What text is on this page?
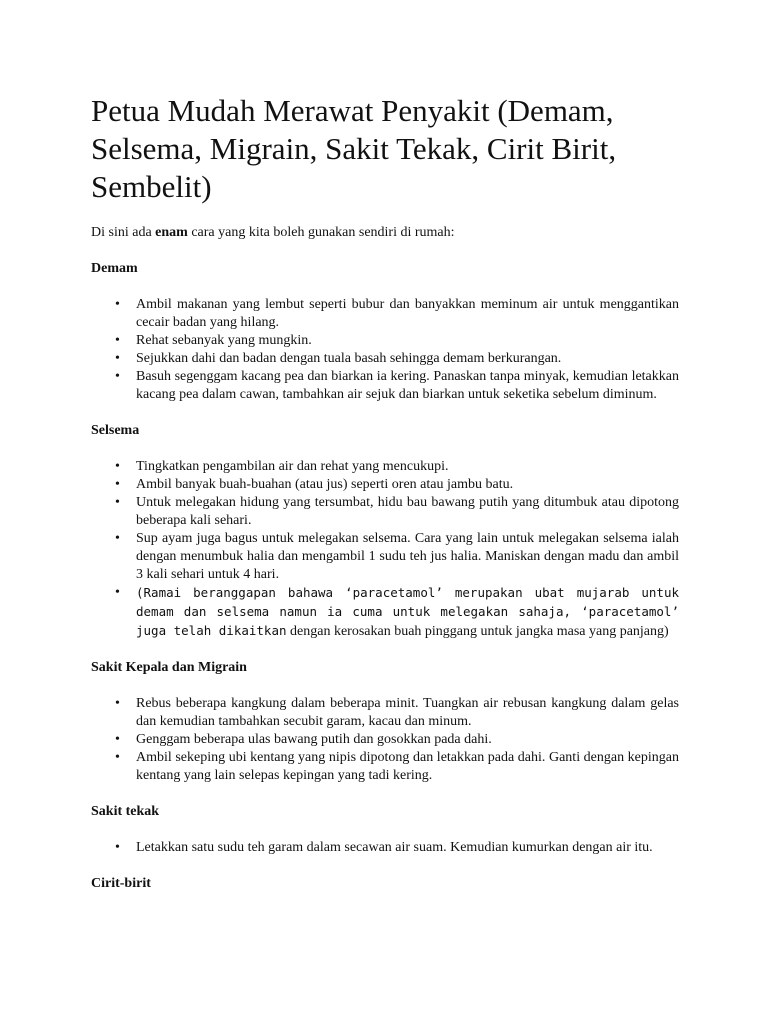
Petua Mudah Merawat Penyakit (Demam, Selsema, Migrain, Sakit Tekak, Cirit Birit, Sembelit)

Di sini ada enam cara yang kita boleh gunakan sendiri di rumah:

Demam
• Ambil makanan yang lembut seperti bubur dan banyakkan meminum air untuk menggantikan cecair badan yang hilang.
• Rehat sebanyak yang mungkin.
• Sejukkan dahi dan badan dengan tuala basah sehingga demam berkurangan.
• Basuh segenggam kacang pea dan biarkan ia kering. Panaskan tanpa minyak, kemudian letakkan kacang pea dalam cawan, tambahkan air sejuk dan biarkan untuk seketika sebelum diminum.
Selsema
• Tingkatkan pengambilan air dan rehat yang mencukupi.
• Ambil banyak buah-buahan (atau jus) seperti oren atau jambu batu.
• Untuk melegakan hidung yang tersumbat, hidu bau bawang putih yang ditumbuk atau dipotong beberapa kali sehari.
• Sup ayam juga bagus untuk melegakan selsema. Cara yang lain untuk melegakan selsema ialah dengan menumbuk halia dan mengambil 1 sudu teh jus halia. Maniskan dengan madu dan ambil 3 kali sehari untuk 4 hari.
• (Ramai beranggapan bahawa ‘paracetamol’ merupakan ubat mujarab untuk demam dan selsema namun ia cuma untuk melegakan sahaja, ‘paracetamol’ juga telah dikaitkan dengan kerosakan buah pinggang untuk jangka masa yang panjang)
Sakit Kepala dan Migrain
• Rebus beberapa kangkung dalam beberapa minit. Tuangkan air rebusan kangkung dalam gelas dan kemudian tambahkan secubit garam, kacau dan minum.
• Genggam beberapa ulas bawang putih dan gosokkan pada dahi.
• Ambil sekeping ubi kentang yang nipis dipotong dan letakkan pada dahi. Ganti dengan kepingan kentang yang lain selepas kepingan yang tadi kering.
Sakit tekak
• Letakkan satu sudu teh garam dalam secawan air suam. Kemudian kumurkan dengan air itu.
Cirit-birit
